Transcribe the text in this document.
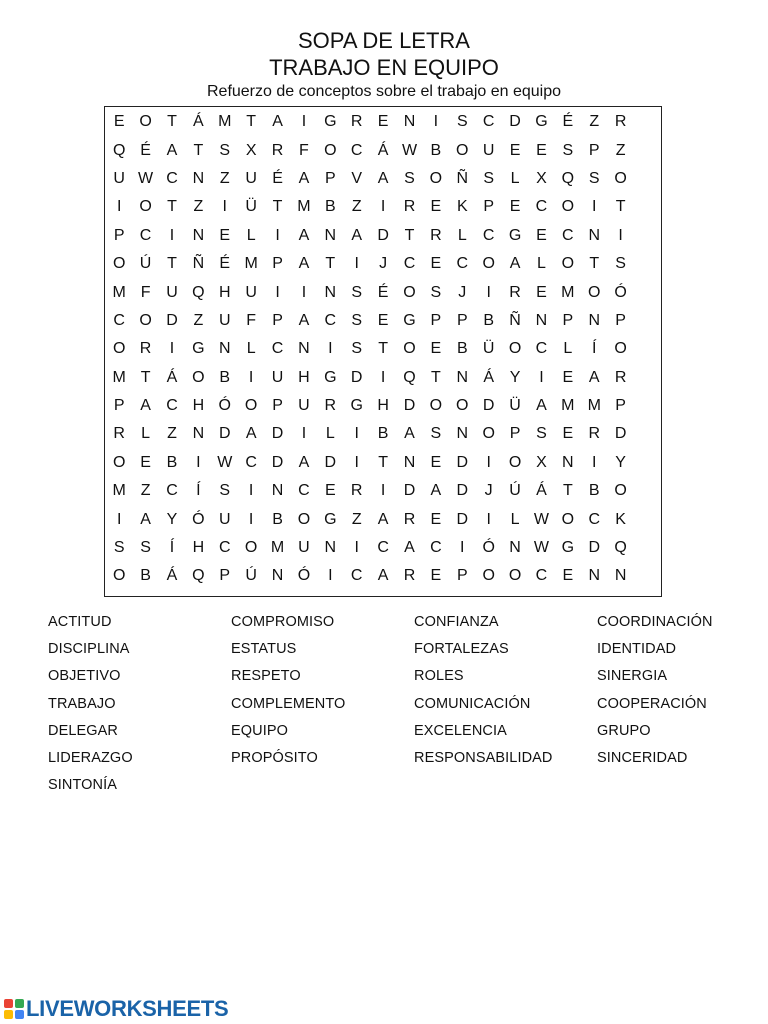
SOPA DE LETRA
TRABAJO EN EQUIPO
Refuerzo de conceptos sobre el trabajo en equipo
E O T	Á M T	A	I	G R E N	I	S C D G É	Z R
Q É A	T	S X R F O C Á W B O U E E S P	Z
U W C N Z U É A P V A S O Ñ S	L	X Q S O
I	O T	Z	I	Ü T M B	Z	I	R E K P E C O	I	T
P C	I	N E	L	I	A N A D T R	L	C G E C N	I
O Ú T Ñ É M P A	T	I	J	C E C O A	L O T	S
M F U Q H U	I	I	N S É O S	J	I	R E M O Ó
C O D Z U F	P A C S E G P P B Ñ N P N P
O R	I	G N	L	C N	I	S	T O E B Ü O C	L	Í	O
M T	Á O B	I	U H G D	I	Q T N Á Y	I	E A R
P A C H Ó O P U R G H D O O D Ü A M M P
R	L	Z N D A D	I	L	I	B A S N O P S E R D
O E B	I	W C D A D	I	T N E D	I	O X N	I	Y
M Z C	Í	S	I	N C E R	I	D A D	J	Ú Á	T	B O
I	A Y Ó U	I	B O G Z	A R E D	I	L W O C K
S S	Í	H C O M U N	I	C A C	I	Ó N W G D Q
O B Á Q P Ú N Ó	I	C A R E P O O C E N N
ACTITUD	COMPROMISO	CONFIANZA	COORDINACIÓN
DISCIPLINA	ESTATUS	FORTALEZAS	IDENTIDAD
OBJETIVO	RESPETO	ROLES	SINERGIA
TRABAJO	COMPLEMENTO	COMUNICACIÓN	COOPERACIÓN
DELEGAR	EQUIPO	EXCELENCIA	GRUPO
LIDERAZGO	PROPÓSITO	RESPONSABILIDAD	SINCERIDAD
SINTONÍA
LIVEWORKSHEETS
